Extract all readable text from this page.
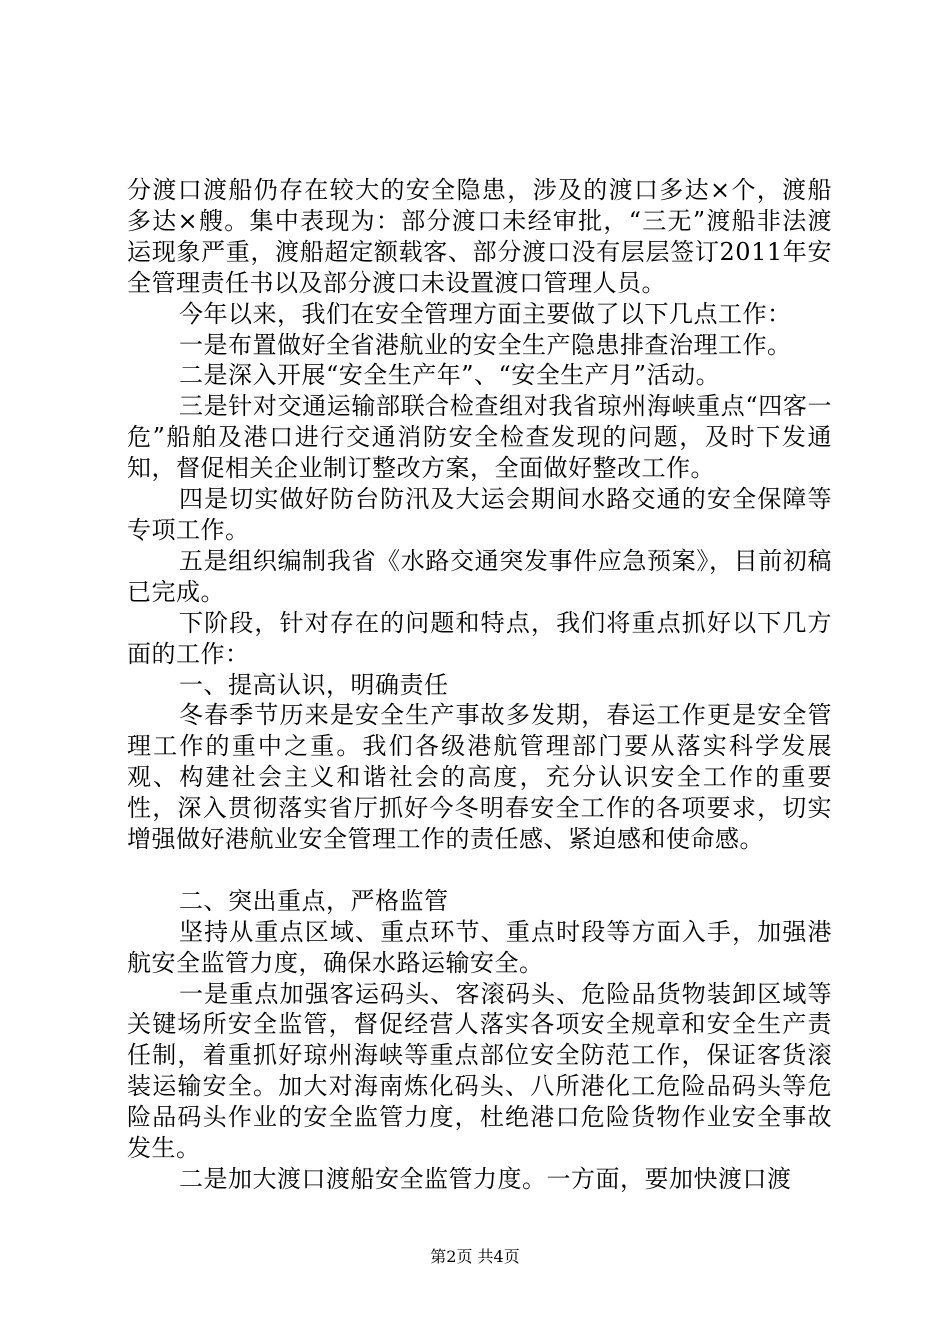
分渡口渡船仍存在较大的安全隐患，涉及的渡口多达×个，渡船多达×艘。集中表现为：部分渡口未经审批，“三无”渡船非法渡运现象严重，渡船超定额载客、部分渡口没有层层签订2011年安全管理责任书以及部分渡口未设置渡口管理人员。

今年以来，我们在安全管理方面主要做了以下几点工作：

一是布置做好全省港航业的安全生产隐患排查治理工作。

二是深入开展“安全生产年”、“安全生产月”活动。

三是针对交通运输部联合检查组对我省琼州海峡重点“四客一危”船舶及港口进行交通消防安全检查发现的问题，及时下发通知，督促相关企业制订整改方案，全面做好整改工作。

四是切实做好防台防汛及大运会期间水路交通的安全保障等专项工作。

五是组织编制我省《水路交通突发事件应急预案》，目前初稿已完成。

下阶段，针对存在的问题和特点，我们将重点抓好以下几方面的工作：

一、提高认识，明确责任

冬春季节历来是安全生产事故多发期，春运工作更是安全管理工作的重中之重。我们各级港航管理部门要从落实科学发展观、构建社会主义和谐社会的高度，充分认识安全工作的重要性，深入贯彻落实省厅抓好今冬明春安全工作的各项要求，切实增强做好港航业安全管理工作的责任感、紧迫感和使命感。

二、突出重点，严格监管

坚持从重点区域、重点环节、重点时段等方面入手，加强港航安全监管力度，确保水路运输安全。

一是重点加强客运码头、客滚码头、危险品货物装卸区域等关键场所安全监管，督促经营人落实各项安全规章和安全生产责任制，着重抓好琼州海峡等重点部位安全防范工作，保证客货滚装运输安全。加大对海南炼化码头、八所港化工危险品码头等危险品码头作业的安全监管力度，杜绝港口危险货物作业安全事故发生。

二是加大渡口渡船安全监管力度。一方面，要加快渡口渡

第2页 共4页
